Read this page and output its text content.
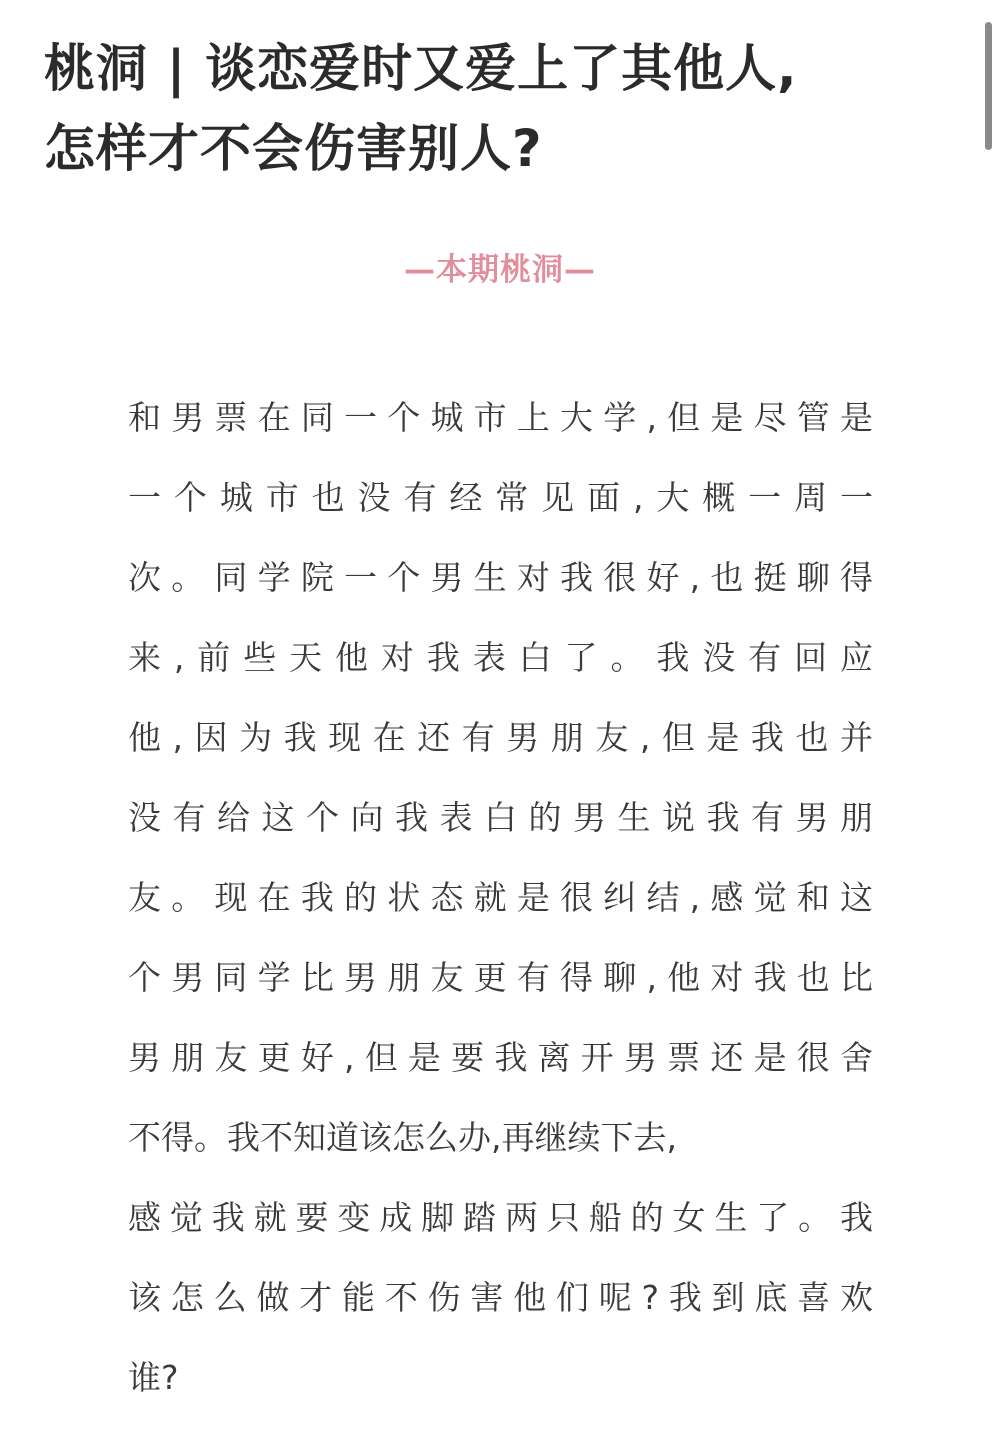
桃洞 | 谈恋爱时又爱上了其他人,
怎样才不会伤害别人?
—本期桃洞—
和男票在同一个城市上大学,但是尽管是
一个城市也没有经常见面,大概一周一
次。同学院一个男生对我很好,也挺聊得
来,前些天他对我表白了。我没有回应
他,因为我现在还有男朋友,但是我也并
没有给这个向我表白的男生说我有男朋
友。现在我的状态就是很纠结,感觉和这
个男同学比男朋友更有得聊,他对我也比
男朋友更好,但是要我离开男票还是很舍
不得。我不知道该怎么办,再继续下去,
感觉我就要变成脚踏两只船的女生了。我
该怎么做才能不伤害他们呢?我到底喜欢
谁?
